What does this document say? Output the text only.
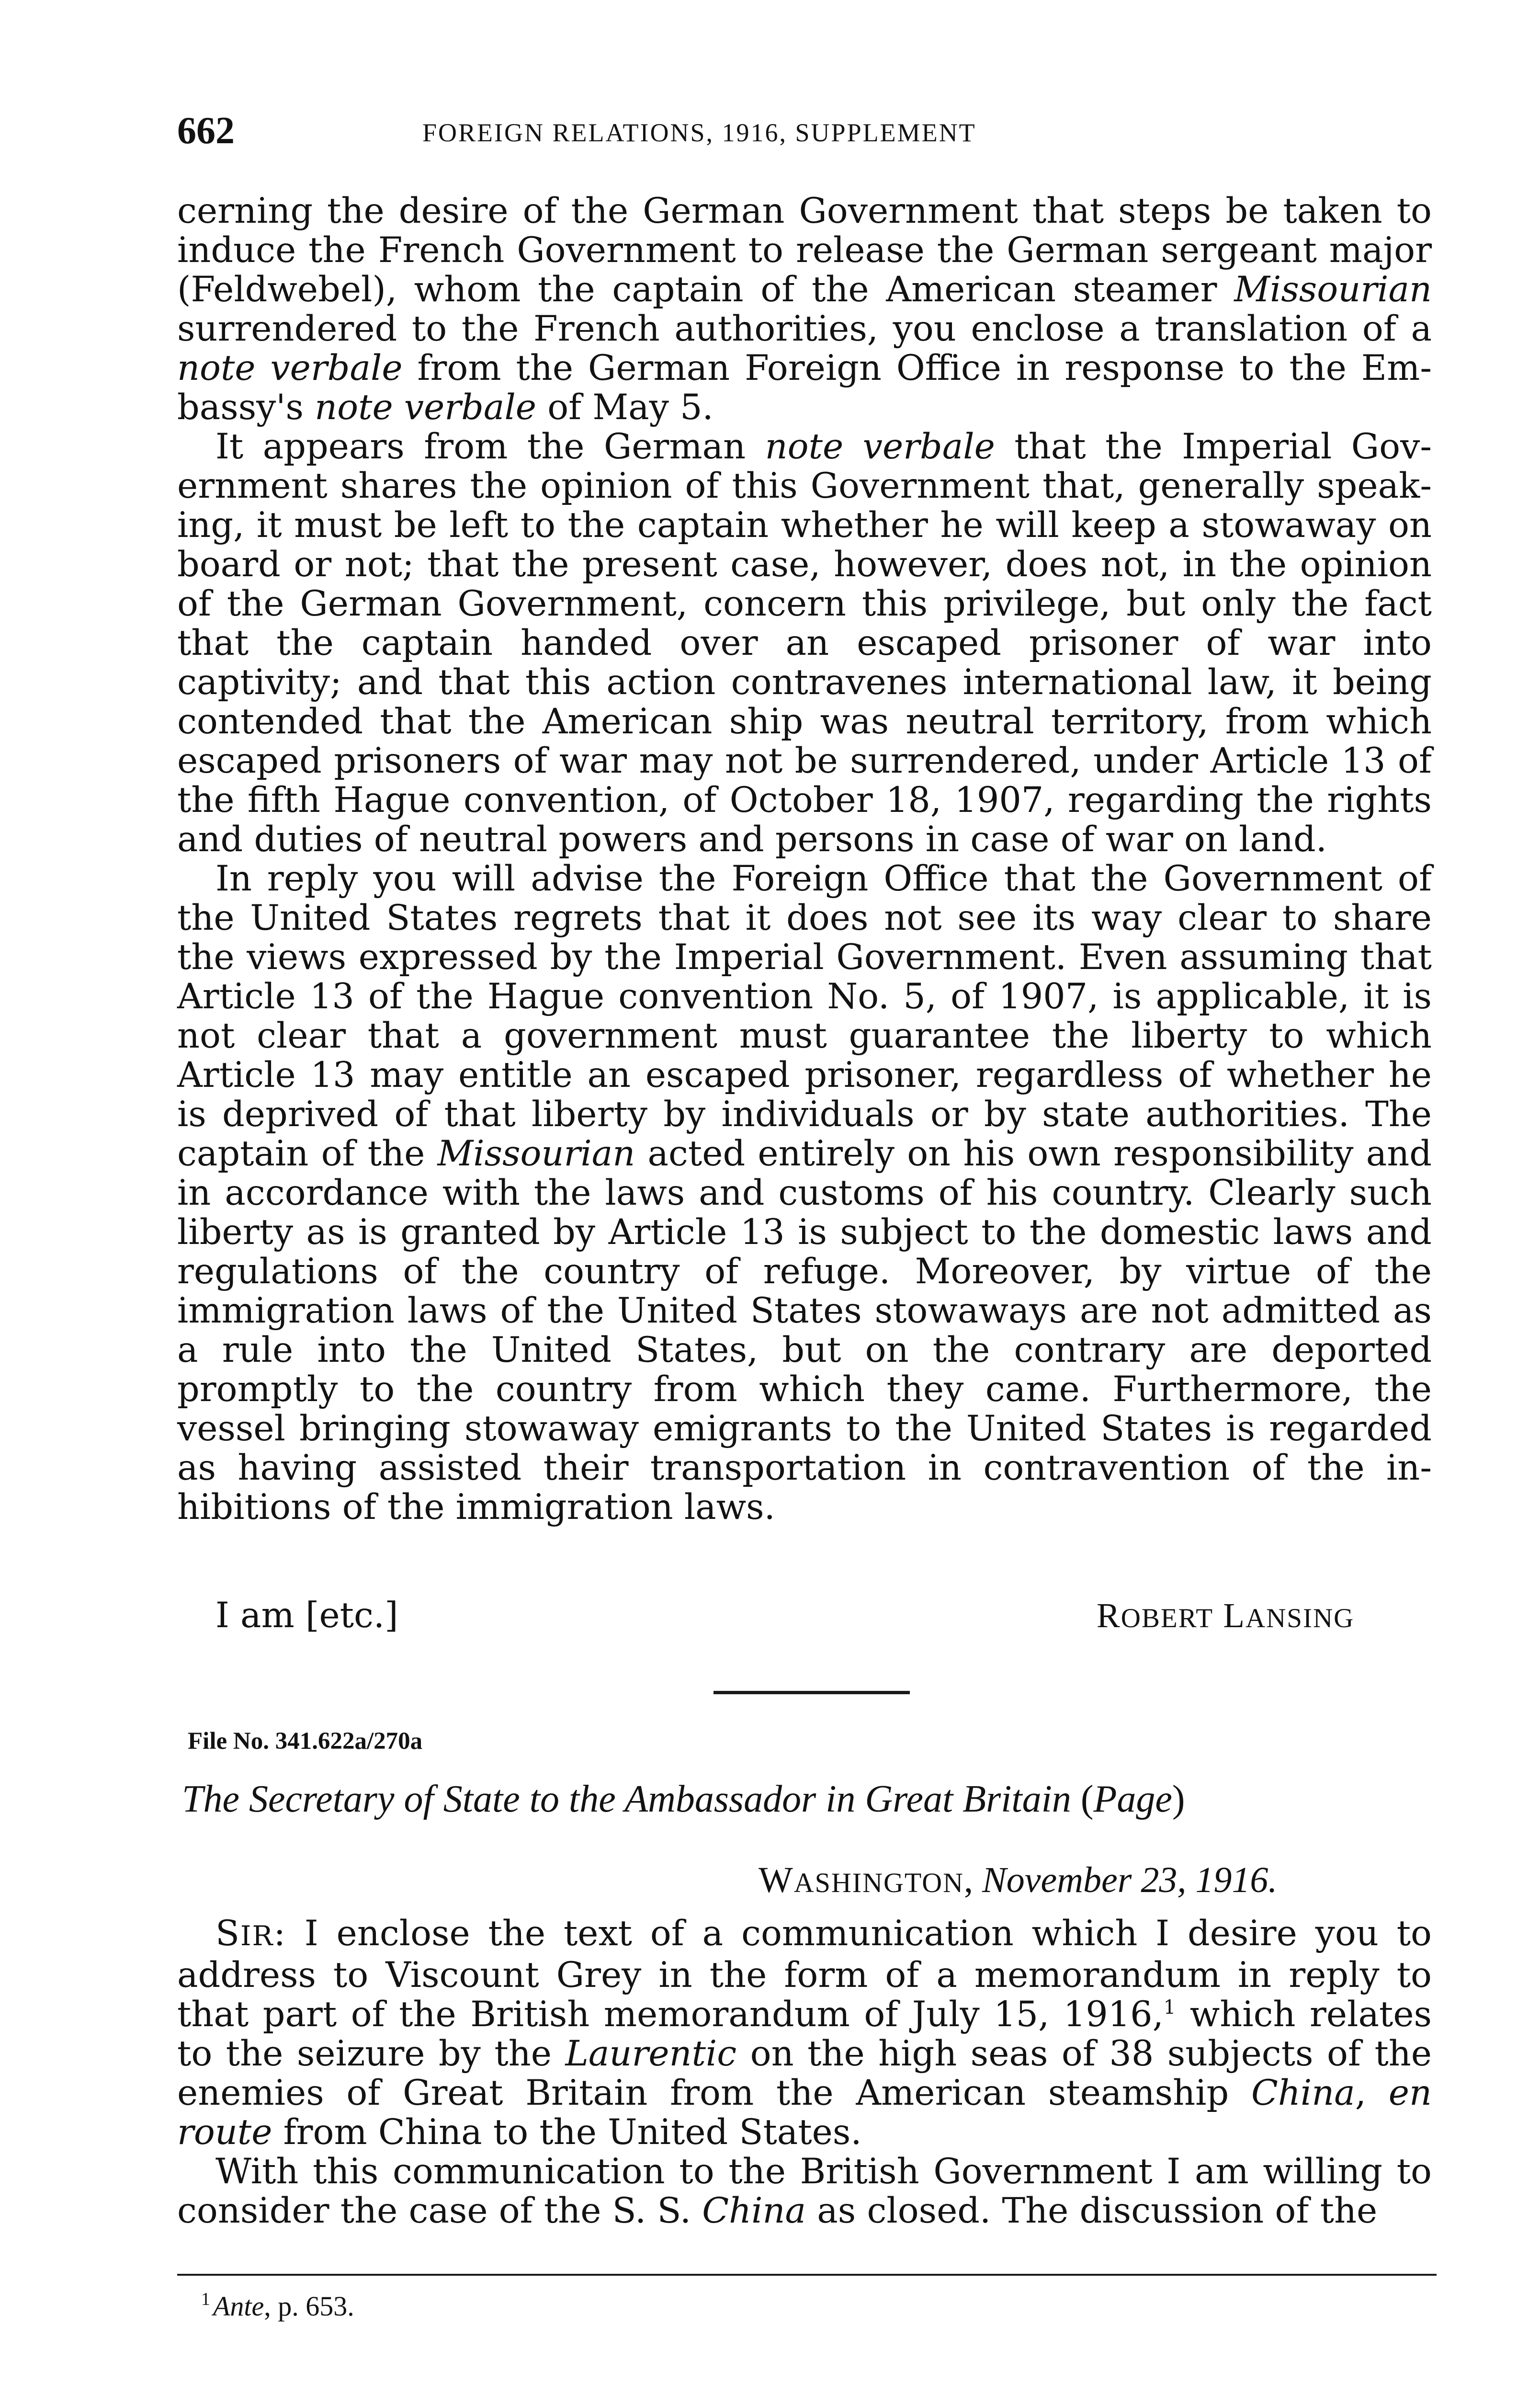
662	FOREIGN RELATIONS, 1916, SUPPLEMENT

cerning the desire of the German Government that steps be taken to induce the French Government to release the German sergeant major (Feldwebel), whom the captain of the American steamer Missourian surrendered to the French authorities, you enclose a translation of a note verbale from the German Foreign Office in response to the Embassy's note verbale of May 5.

It appears from the German note verbale that the Imperial Government shares the opinion of this Government that, generally speaking, it must be left to the captain whether he will keep a stowaway on board or not; that the present case, however, does not, in the opinion of the German Government, concern this privilege, but only the fact that the captain handed over an escaped prisoner of war into captivity; and that this action contravenes international law, it being contended that the American ship was neutral territory, from which escaped prisoners of war may not be surrendered, under Article 13 of the fifth Hague convention, of October 18, 1907, regarding the rights and duties of neutral powers and persons in case of war on land.

In reply you will advise the Foreign Office that the Government of the United States regrets that it does not see its way clear to share the views expressed by the Imperial Government. Even assuming that Article 13 of the Hague convention No. 5, of 1907, is applicable, it is not clear that a government must guarantee the liberty to which Article 13 may entitle an escaped prisoner, regardless of whether he is deprived of that liberty by individuals or by state authorities. The captain of the Missourian acted entirely on his own responsibility and in accordance with the laws and customs of his country. Clearly such liberty as is granted by Article 13 is subject to the domestic laws and regulations of the country of refuge. Moreover, by virtue of the immigration laws of the United States stowaways are not admitted as a rule into the United States, but on the contrary are deported promptly to the country from which they came. Furthermore, the vessel bringing stowaway emigrants to the United States is regarded as having assisted their transportation in contravention of the inhibitions of the immigration laws.

I am [etc.]	ROBERT LANSING
File No. 341.622a/270a
The Secretary of State to the Ambassador in Great Britain (Page)
WASHINGTON, November 23, 1916.

SIR: I enclose the text of a communication which I desire you to address to Viscount Grey in the form of a memorandum in reply to that part of the British memorandum of July 15, 1916,$^1$ which relates to the seizure by the Laurentic on the high seas of 38 subjects of the enemies of Great Britain from the American steamship China, en route from China to the United States.

With this communication to the British Government I am willing to consider the case of the S. S. China as closed. The discussion of the

$^1$ Ante, p. 653.
